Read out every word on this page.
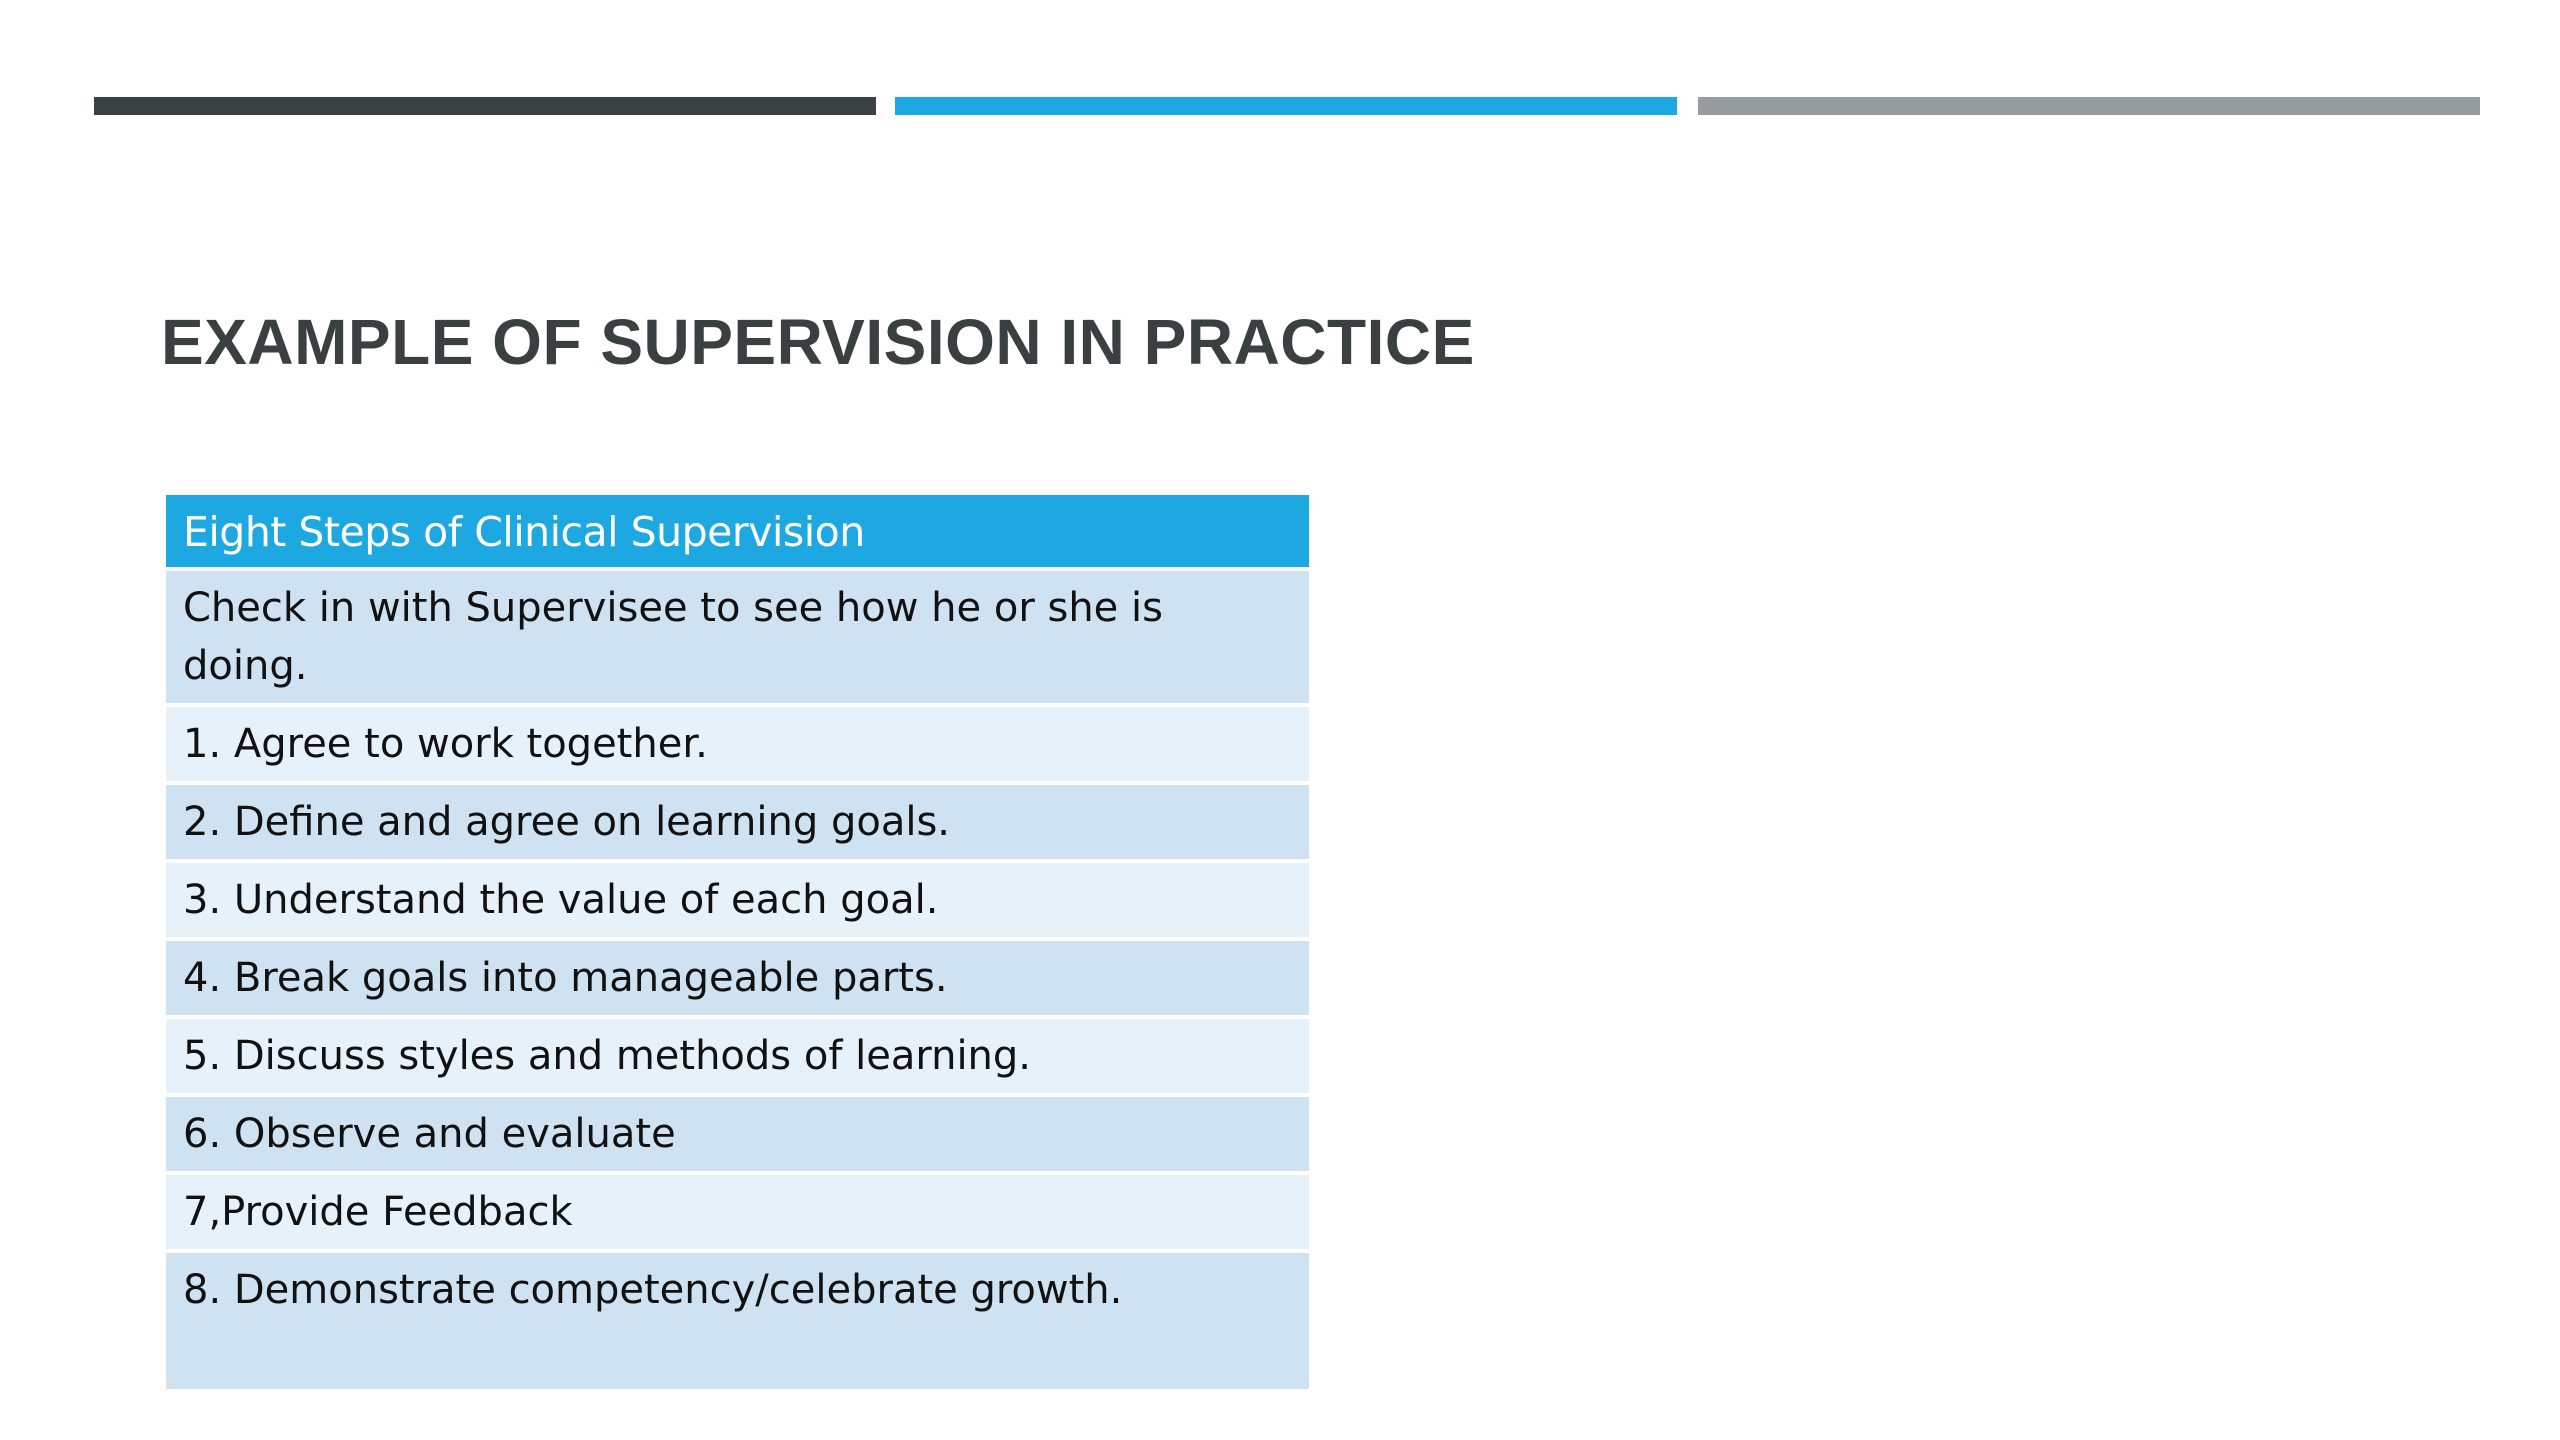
EXAMPLE OF SUPERVISION IN PRACTICE
Eight Steps of Clinical Supervision
Check in with Supervisee to see how he or she is doing.
1. Agree to work together.
2. Define and agree on learning goals.
3. Understand the value of each goal.
4. Break goals into manageable parts.
5. Discuss styles and methods of learning.
6. Observe and evaluate
7,Provide Feedback
8. Demonstrate competency/celebrate growth.
